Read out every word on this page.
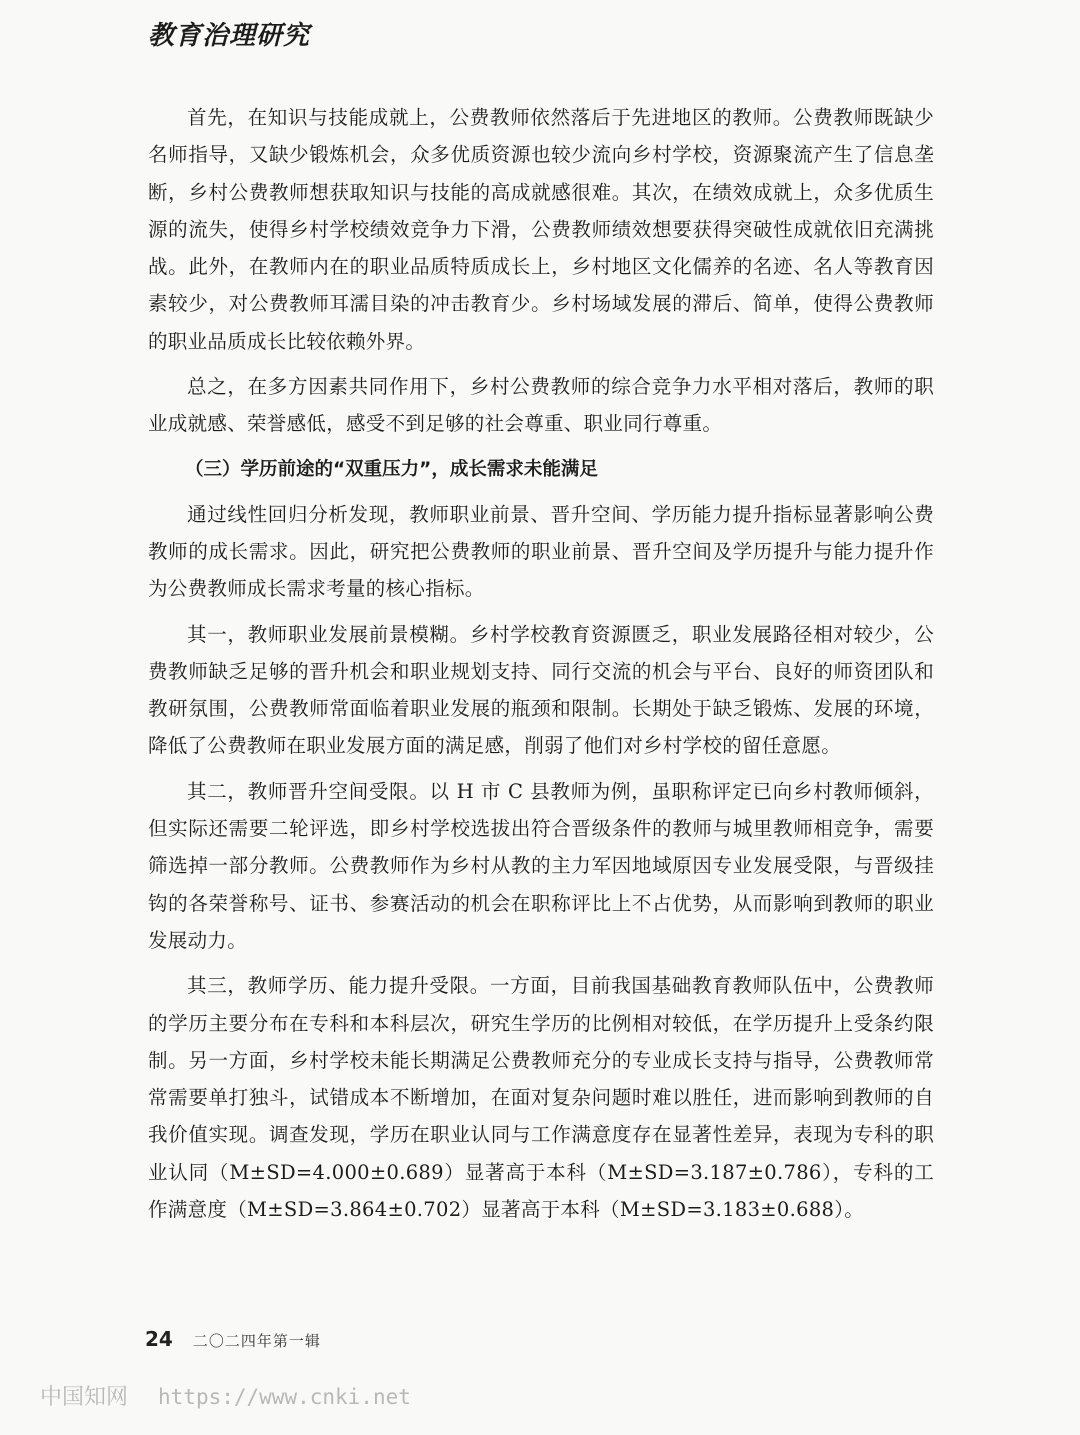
教育治理研究

首先，在知识与技能成就上，公费教师依然落后于先进地区的教师。公费教师既缺少名师指导，又缺少锻炼机会，众多优质资源也较少流向乡村学校，资源聚流产生了信息垄断，乡村公费教师想获取知识与技能的高成就感很难。其次，在绩效成就上，众多优质生源的流失，使得乡村学校绩效竞争力下滑，公费教师绩效想要获得突破性成就依旧充满挑战。此外，在教师内在的职业品质特质成长上，乡村地区文化儒养的名迹、名人等教育因素较少，对公费教师耳濡目染的冲击教育少。乡村场域发展的滞后、简单，使得公费教师的职业品质成长比较依赖外界。

总之，在多方因素共同作用下，乡村公费教师的综合竞争力水平相对落后，教师的职业成就感、荣誉感低，感受不到足够的社会尊重、职业同行尊重。

（三）学历前途的“双重压力”，成长需求未能满足

通过线性回归分析发现，教师职业前景、晋升空间、学历能力提升指标显著影响公费教师的成长需求。因此，研究把公费教师的职业前景、晋升空间及学历提升与能力提升作为公费教师成长需求考量的核心指标。

其一，教师职业发展前景模糊。乡村学校教育资源匮乏，职业发展路径相对较少，公费教师缺乏足够的晋升机会和职业规划支持、同行交流的机会与平台、良好的师资团队和教研氛围，公费教师常面临着职业发展的瓶颈和限制。长期处于缺乏锻炼、发展的环境，降低了公费教师在职业发展方面的满足感，削弱了他们对乡村学校的留任意愿。

其二，教师晋升空间受限。以 H 市 C 县教师为例，虽职称评定已向乡村教师倾斜，但实际还需要二轮评选，即乡村学校选拔出符合晋级条件的教师与城里教师相竞争，需要筛选掉一部分教师。公费教师作为乡村从教的主力军因地域原因专业发展受限，与晋级挂钩的各荣誉称号、证书、参赛活动的机会在职称评比上不占优势，从而影响到教师的职业发展动力。

其三，教师学历、能力提升受限。一方面，目前我国基础教育教师队伍中，公费教师的学历主要分布在专科和本科层次，研究生学历的比例相对较低，在学历提升上受条约限制。另一方面，乡村学校未能长期满足公费教师充分的专业成长支持与指导，公费教师常常需要单打独斗，试错成本不断增加，在面对复杂问题时难以胜任，进而影响到教师的自我价值实现。调查发现，学历在职业认同与工作满意度存在显著性差异，表现为专科的职业认同（M±SD=4.000±0.689）显著高于本科（M±SD=3.187±0.786），专科的工作满意度（M±SD=3.864±0.702）显著高于本科（M±SD=3.183±0.688）。

24 二〇二四年第一辑
中国知网 https://www.cnki.net
